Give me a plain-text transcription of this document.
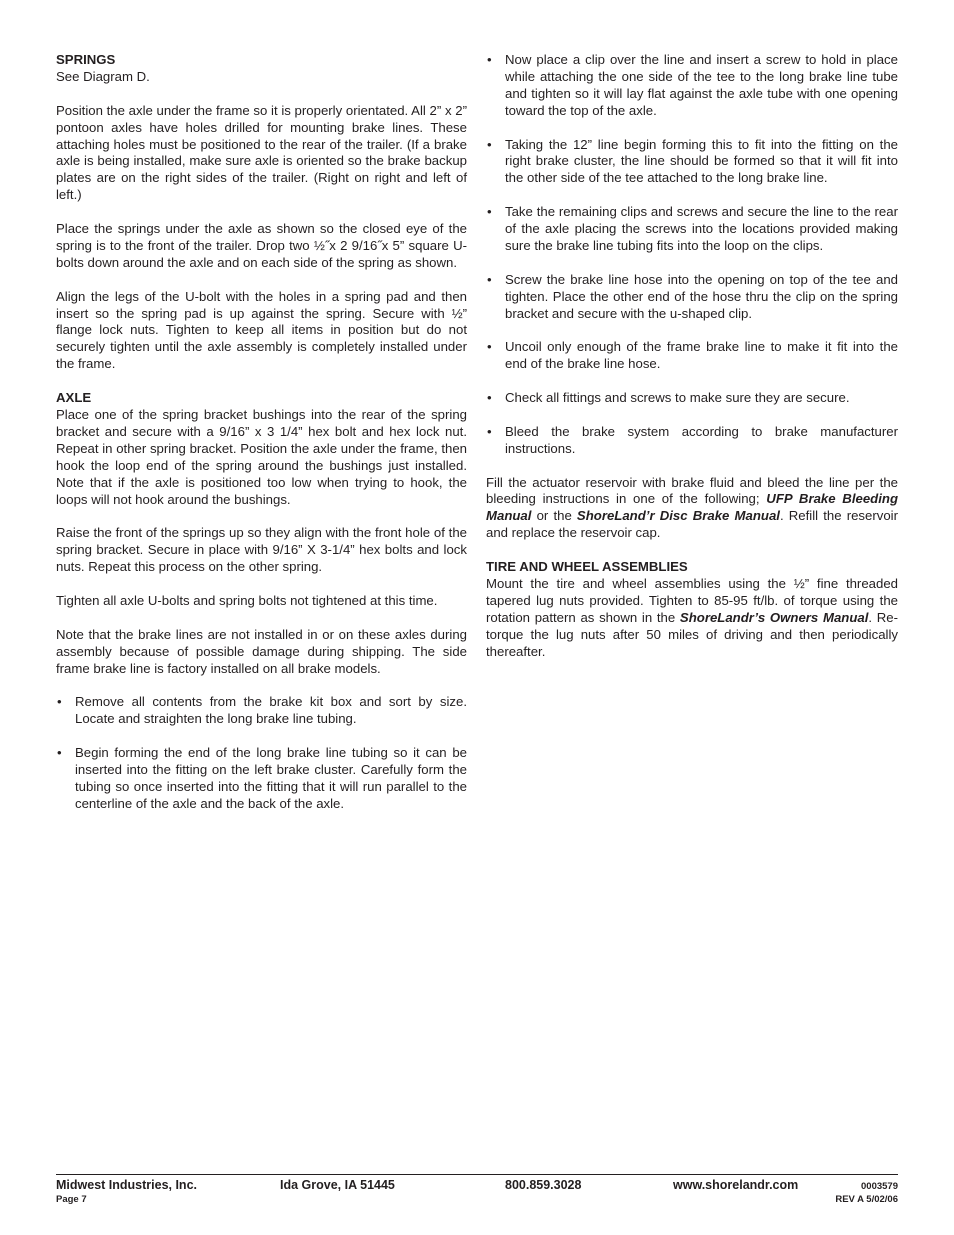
SPRINGS

See Diagram D.

Position the axle under the frame so it is properly orientated. All 2” x 2” pontoon axles have holes drilled for mounting brake lines. These attaching holes must be positioned to the rear of the trailer. (If a brake axle is being installed, make sure axle is oriented so the brake backup plates are on the right sides of the trailer. (Right on right and left of left.)

Place the springs under the axle as shown so the closed eye of the spring is to the front of the trailer. Drop two ½˝x 2 9/16˝x 5” square U-bolts down around the axle and on each side of the spring as shown.

Align the legs of the U-bolt with the holes in a spring pad and then insert so the spring pad is up against the spring. Secure with ½” flange lock nuts. Tighten to keep all items in position but do not securely tighten until the axle assembly is completely installed under the frame.

AXLE

Place one of the spring bracket bushings into the rear of the spring bracket and secure with a 9/16” x 3 1/4” hex bolt and hex lock nut. Repeat in other spring bracket. Position the axle under the frame, then hook the loop end of the spring around the bushings just installed. Note that if the axle is positioned too low when trying to hook, the loops will not hook around the bushings.

Raise the front of the springs up so they align with the front hole of the spring bracket. Secure in place with 9/16” X 3-1/4” hex bolts and lock nuts. Repeat this process on the other spring.

Tighten all axle U-bolts and spring bolts not tightened at this time.

Note that the brake lines are not installed in or on these axles during assembly because of possible damage during shipping. The side frame brake line is factory installed on all brake models.

• Remove all contents from the brake kit box and sort by size. Locate and straighten the long brake line tubing.
• Begin forming the end of the long brake line tubing so it can be inserted into the fitting on the left brake cluster. Carefully form the tubing so once inserted into the fitting that it will run parallel to the centerline of the axle and the back of the axle.
• Now place a clip over the line and insert a screw to hold in place while attaching the one side of the tee to the long brake line tube and tighten so it will lay flat against the axle tube with one opening toward the top of the axle.
• Taking the 12” line begin forming this to fit into the fitting on the right brake cluster, the line should be formed so that it will fit into the other side of the tee attached to the long brake line.
• Take the remaining clips and screws and secure the line to the rear of the axle placing the screws into the locations provided making sure the brake line tubing fits into the loop on the clips.
• Screw the brake line hose into the opening on top of the tee and tighten. Place the other end of the hose thru the clip on the spring bracket and secure with the u-shaped clip.
• Uncoil only enough of the frame brake line to make it fit into the end of the brake line hose.
• Check all fittings and screws to make sure they are secure.
• Bleed the brake system according to brake manufacturer instructions.

Fill the actuator reservoir with brake fluid and bleed the line per the bleeding instructions in one of the following; UFP Brake Bleeding Manual or the ShoreLand’r Disc Brake Manual. Refill the reservoir and replace the reservoir cap.

TIRE AND WHEEL ASSEMBLIES

Mount the tire and wheel assemblies using the ½” fine threaded tapered lug nuts provided. Tighten to 85-95 ft/lb. of torque using the rotation pattern as shown in the ShoreLandr’s Owners Manual. Re-torque the lug nuts after 50 miles of driving and then periodically thereafter.

Midwest Industries, Inc.	Ida Grove, IA 51445	800.859.3028	www.shorelandr.com	0003579
Page 7	REV A 5/02/06
